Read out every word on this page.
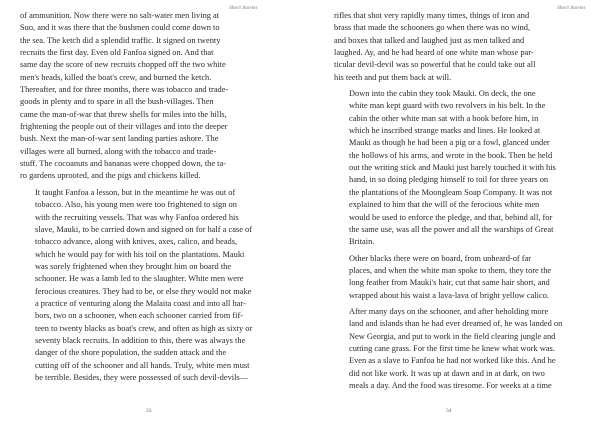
Short Stories

of ammunition. Now there were no salt-water men living at
Suo, and it was there that the bushmen could come down to
the sea. The ketch did a splendid traffic. It signed on twenty
recruits the first day. Even old Fanfoa signed on. And that
same day the score of new recruits chopped off the two white
men's heads, killed the boat's crew, and burned the ketch.
Thereafter, and for three months, there was tobacco and trade-
goods in plenty and to spare in all the bush-villages. Then
came the man-of-war that threw shells for miles into the hills,
frightening the people out of their villages and into the deeper
bush. Next the man-of-war sent landing parties ashore. The
villages were all burned, along with the tobacco and trade-
stuff. The cocoanuts and bananas were chopped down, the ta-
ro gardens uprooted, and the pigs and chickens killed.

It taught Fanfoa a lesson, but in the meantime he was out of
tobacco. Also, his young men were too frightened to sign on
with the recruiting vessels. That was why Fanfoa ordered his
slave, Mauki, to be carried down and signed on for half a case of
tobacco advance, along with knives, axes, calico, and beads,
which he would pay for with his toil on the plantations. Mauki
was sorely frightened when they brought him on board the
schooner. He was a lamb led to the slaughter. White men were
ferocious creatures. They had to be, or else they would not make
a practice of venturing along the Malaita coast and into all har-
bors, two on a schooner, when each schooner carried from fif-
teen to twenty blacks as boat's crew, and often as high as sixty or
seventy black recruits. In addition to this, there was always the
danger of the shore population, the sudden attack and the
cutting off of the schooner and all hands. Truly, white men must
be terrible. Besides, they were possessed of such devil-devils—

33
Short Stories

rifles that shot very rapidly many times, things of iron and
brass that made the schooners go when there was no wind,
and boxes that talked and laughed just as men talked and
laughed. Ay, and he had heard of one white man whose par-
ticular devil-devil was so powerful that he could take out all
his teeth and put them back at will.

Down into the cabin they took Mauki. On deck, the one
white man kept guard with two revolvers in his belt. In the
cabin the other white man sat with a book before him, in
which he inscribed strange marks and lines. He looked at
Mauki as though he had been a pig or a fowl, glanced under
the hollows of his arms, and wrote in the book. Then he held
out the writing stick and Mauki just barely touched it with his
hand, in so doing pledging himself to toil for three years on
the plantations of the Moongleam Soap Company. It was not
explained to him that the will of the ferocious white men
would be used to enforce the pledge, and that, behind all, for
the same use, was all the power and all the warships of Great
Britain.

Other blacks there were on board, from unheard-of far
places, and when the white man spoke to them, they tore the
long feather from Mauki's hair, cut that same hair short, and
wrapped about his waist a lava-lava of bright yellow calico.

After many days on the schooner, and after beholding more
land and islands than he had ever dreamed of, he was landed on
New Georgia, and put to work in the field clearing jungle and
cutting cane grass. For the first time he knew what work was.
Even as a slave to Fanfoa he had not worked like this. And he
did not like work. It was up at dawn and in at dark, on two
meals a day. And the food was tiresome. For weeks at a time

34
